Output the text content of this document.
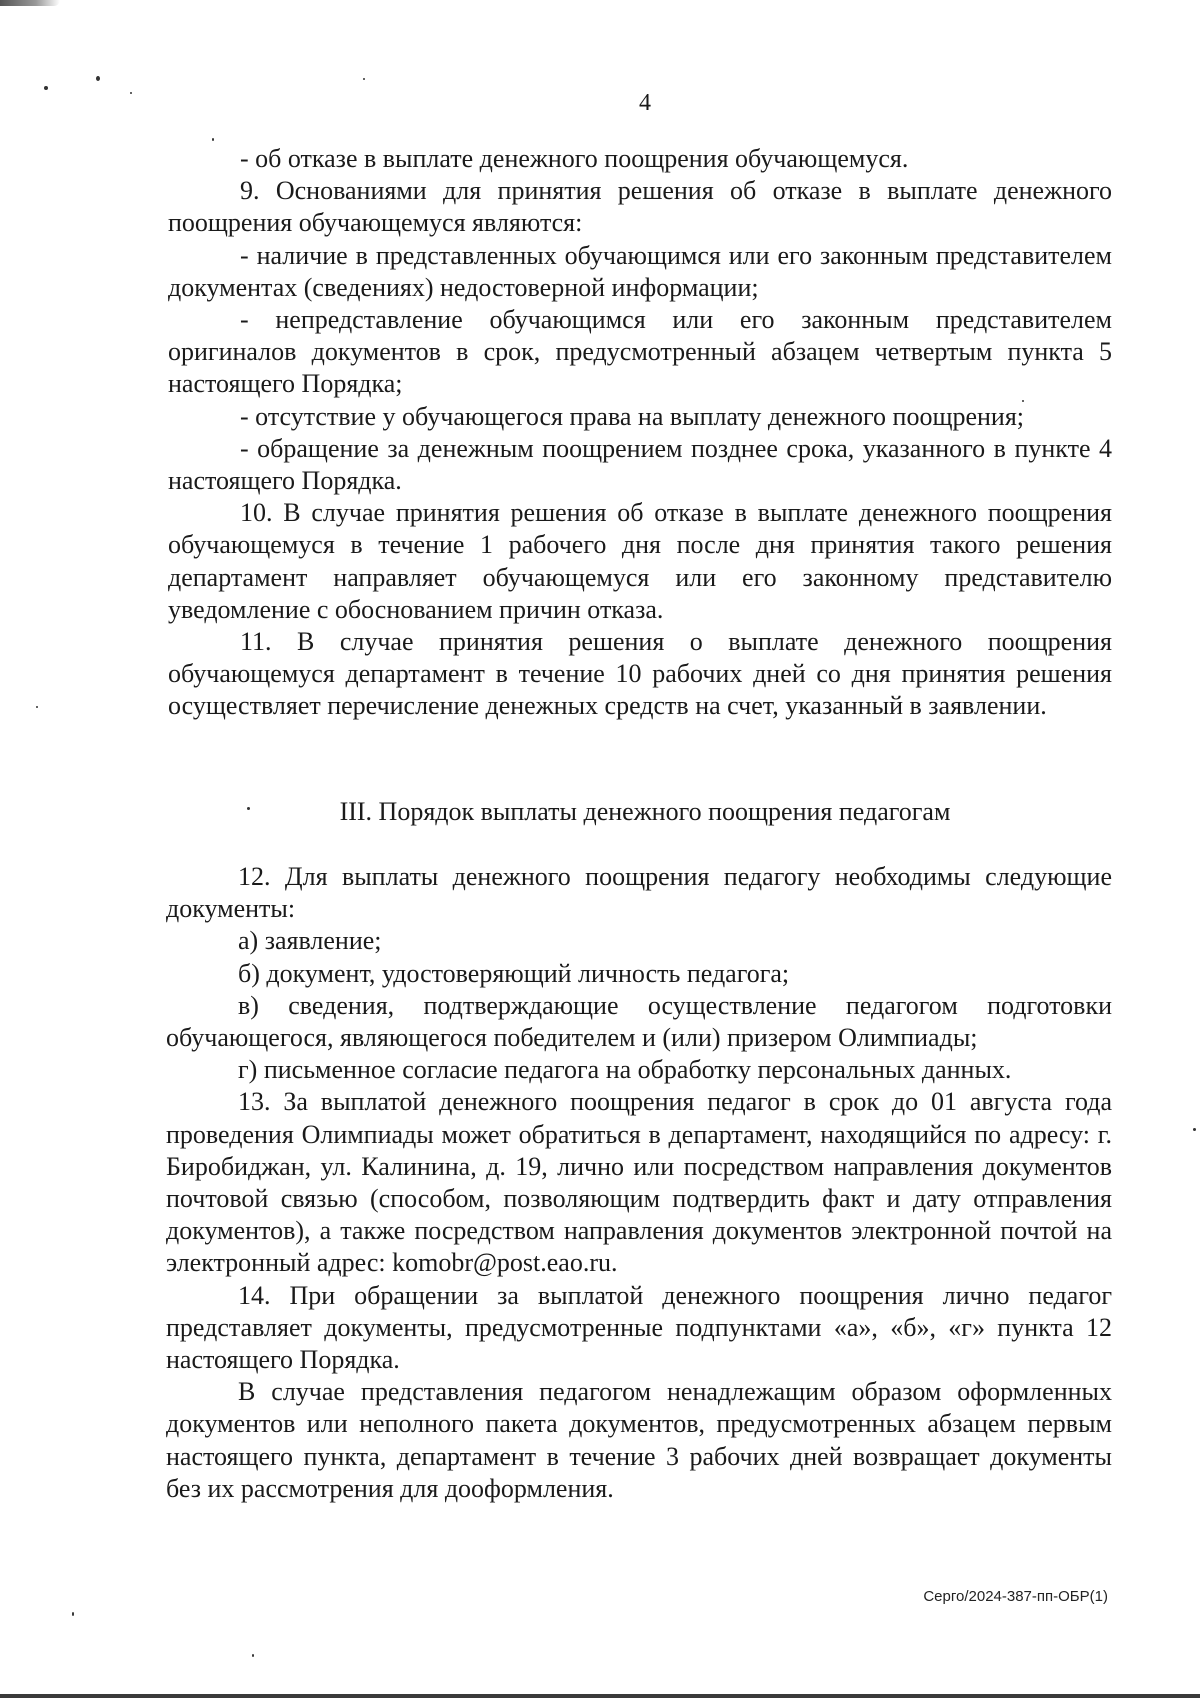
4

- об отказе в выплате денежного поощрения обучающемуся.

9. Основаниями для принятия решения об отказе в выплате денежного поощрения обучающемуся являются:

- наличие в представленных обучающимся или его законным представителем документах (сведениях) недостоверной информации;

- непредставление обучающимся или его законным представителем оригиналов документов в срок, предусмотренный абзацем четвертым пункта 5 настоящего Порядка;

- отсутствие у обучающегося права на выплату денежного поощрения;

- обращение за денежным поощрением позднее срока, указанного в пункте 4 настоящего Порядка.

10. В случае принятия решения об отказе в выплате денежного поощрения обучающемуся в течение 1 рабочего дня после дня принятия такого решения департамент направляет обучающемуся или его законному представителю уведомление с обоснованием причин отказа.

11. В случае принятия решения о выплате денежного поощрения обучающемуся департамент в течение 10 рабочих дней со дня принятия решения осуществляет перечисление денежных средств на счет, указанный в заявлении.

III. Порядок выплаты денежного поощрения педагогам

12. Для выплаты денежного поощрения педагогу необходимы следующие документы:

а) заявление;

б) документ, удостоверяющий личность педагога;

в) сведения, подтверждающие осуществление педагогом подготовки обучающегося, являющегося победителем и (или) призером Олимпиады;

г) письменное согласие педагога на обработку персональных данных.

13. За выплатой денежного поощрения педагог в срок до 01 августа года проведения Олимпиады может обратиться в департамент, находящийся по адресу: г. Биробиджан, ул. Калинина, д. 19, лично или посредством направления документов почтовой связью (способом, позволяющим подтвердить факт и дату отправления документов), а также посредством направления документов электронной почтой на электронный адрес: komobr@post.eao.ru.

14. При обращении за выплатой денежного поощрения лично педагог представляет документы, предусмотренные подпунктами «а», «б», «г» пункта 12 настоящего Порядка.

В случае представления педагогом ненадлежащим образом оформленных документов или неполного пакета документов, предусмотренных абзацем первым настоящего пункта, департамент в течение 3 рабочих дней возвращает документы без их рассмотрения для дооформления.

Серго/2024-387-пп-ОБР(1)
